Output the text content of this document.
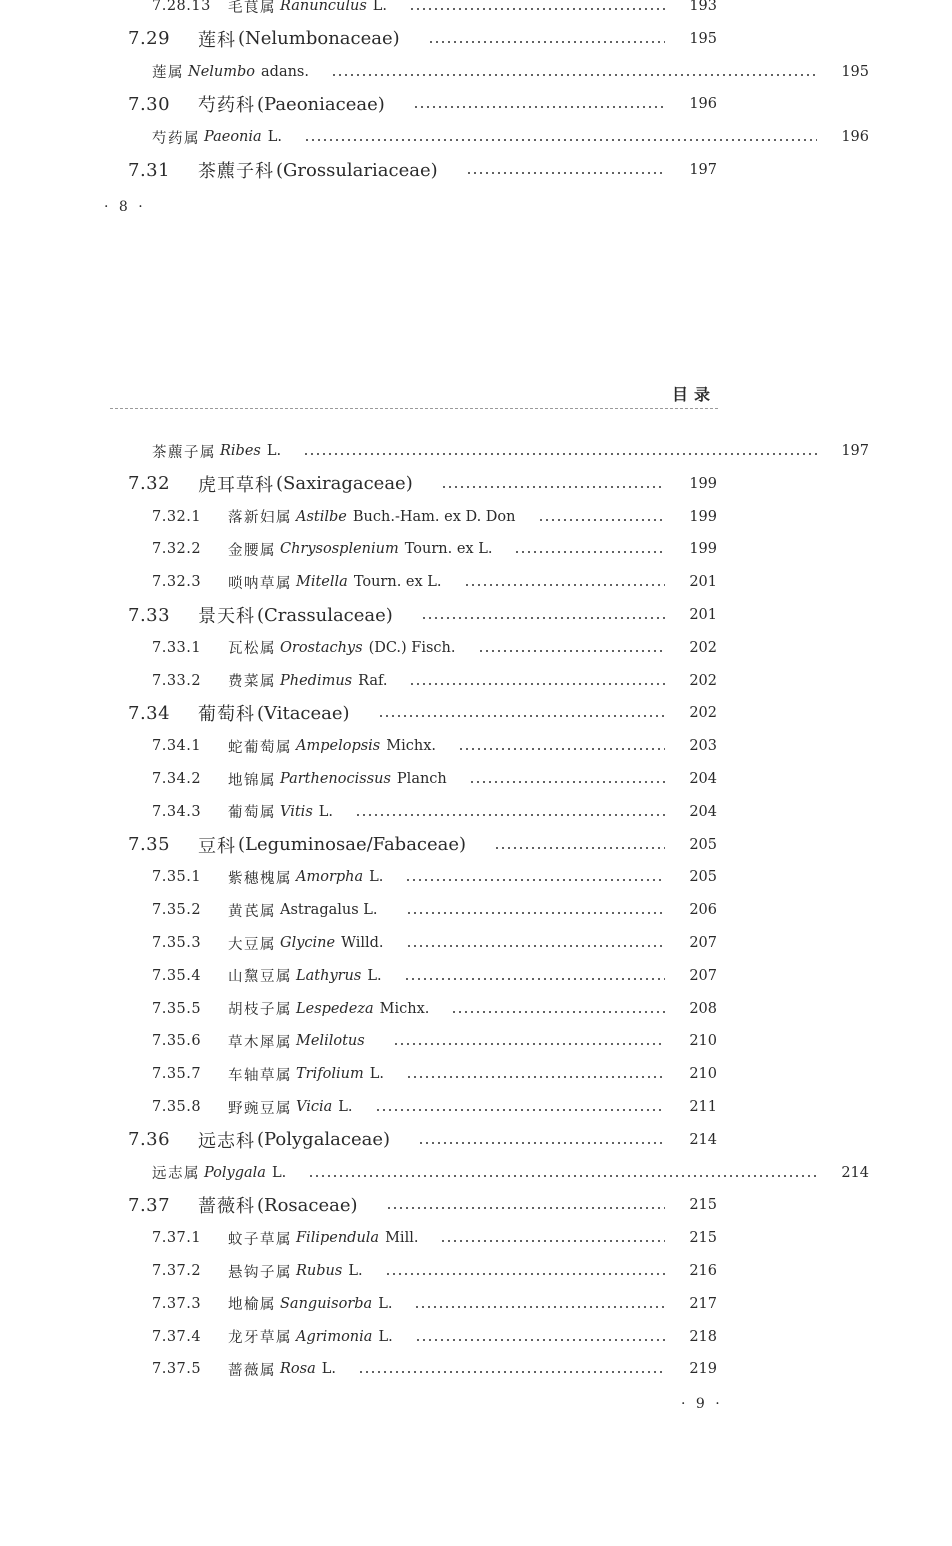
7.28.13	毛茛属 Ranunculus L.	193
7.29	莲科 (Nelumbonaceae)	195
莲属 Nelumbo adans.	195
7.30	芍药科 (Paeoniaceae)	196
芍药属 Paeonia L.	196
7.31	茶藨子科 (Grossulariaceae)	197
· 8 ·
目录
茶藨子属 Ribes L.	197
7.32	虎耳草科 (Saxiragaceae)	199
7.32.1	落新妇属 Astilbe Buch.-Ham. ex D. Don	199
7.32.2	金腰属 Chrysosplenium Tourn. ex L.	199
7.32.3	唢呐草属 Mitella Tourn. ex L.	201
7.33	景天科 (Crassulaceae)	201
7.33.1	瓦松属 Orostachys (DC.) Fisch.	202
7.33.2	费菜属 Phedimus Raf.	202
7.34	葡萄科 (Vitaceae)	202
7.34.1	蛇葡萄属 Ampelopsis Michx.	203
7.34.2	地锦属 Parthenocissus Planch	204
7.34.3	葡萄属 Vitis L.	204
7.35	豆科 (Leguminosae/Fabaceae)	205
7.35.1	紫穗槐属 Amorpha L.	205
7.35.2	黄芪属 Astragalus L.	206
7.35.3	大豆属 Glycine Willd.	207
7.35.4	山黧豆属 Lathyrus L.	207
7.35.5	胡枝子属 Lespedeza Michx.	208
7.35.6	草木犀属 Melilotus	210
7.35.7	车轴草属 Trifolium L.	210
7.35.8	野豌豆属 Vicia L.	211
7.36	远志科 (Polygalaceae)	214
远志属 Polygala L.	214
7.37	蔷薇科 (Rosaceae)	215
7.37.1	蚊子草属 Filipendula Mill.	215
7.37.2	悬钩子属 Rubus L.	216
7.37.3	地榆属 Sanguisorba L.	217
7.37.4	龙牙草属 Agrimonia L.	218
7.37.5	蔷薇属 Rosa L.	219
· 9 ·
